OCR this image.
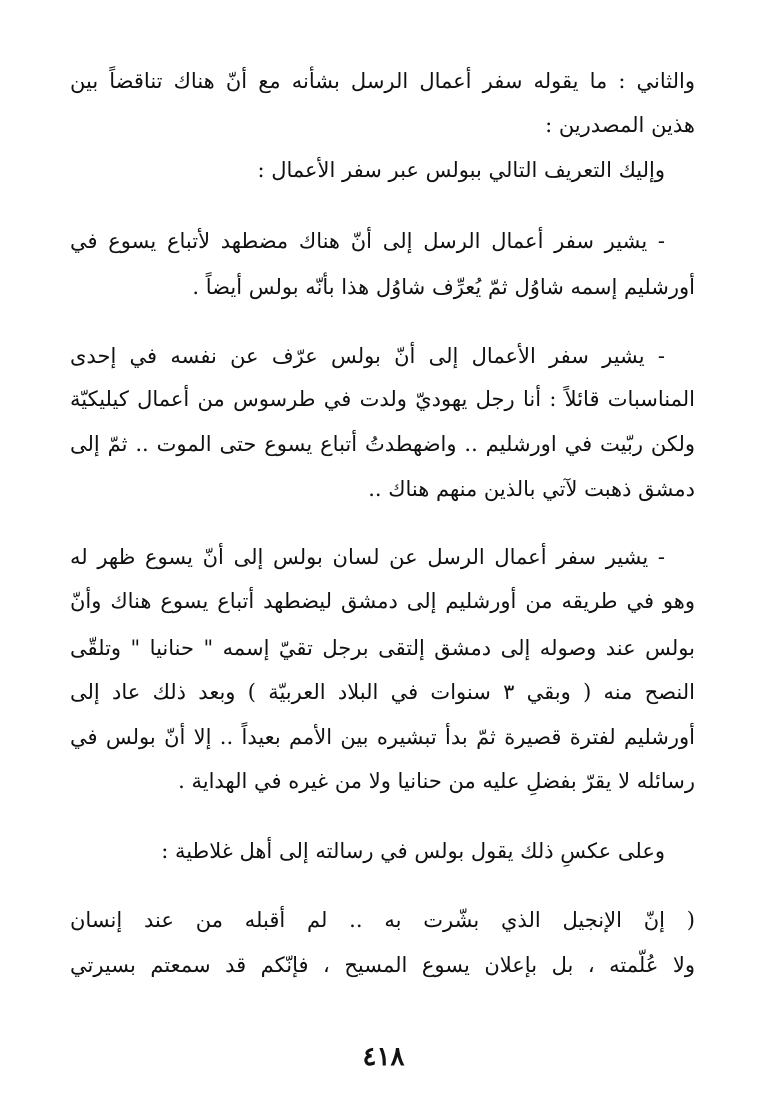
والثاني : ما يقوله سفر أعمال الرسل بشأنه مع أنّ هناك تناقضاً بين
هذين المصدرين :
وإليك التعريف التالي ببولس عبر سفر الأعمال :
- يشير سفر أعمال الرسل إلى أنّ هناك مضطهد لأتباع يسوع في
أورشليم إسمه شاوُل ثمّ يُعرِّف شاوُل هذا بأنّه بولس أيضاً .
- يشير سفر الأعمال إلى أنّ بولس عرّف عن نفسه في إحدى
المناسبات قائلاً : أنا رجل يهوديّ ولدت في طرسوس من أعمال كيليكيّة
ولكن ربّيت في اورشليم .. واضهطدتُ أتباع يسوع حتى الموت .. ثمّ إلى
دمشق ذهبت لآتي بالذين منهم هناك ..
- يشير سفر أعمال الرسل عن لسان بولس إلى أنّ يسوع ظهر له
وهو في طريقه من أورشليم إلى دمشق ليضطهد أتباع يسوع هناك وأنّ
بولس عند وصوله إلى دمشق إلتقى برجل تقيّ إسمه " حنانيا " وتلقّى
النصح منه ( وبقي ٣ سنوات في البلاد العربيّة ) وبعد ذلك عاد إلى
أورشليم لفترة قصيرة ثمّ بدأ تبشيره بين الأمم بعيداً .. إلا أنّ بولس في
رسائله لا يقرّ بفضلِ عليه من حنانيا ولا من غيره في الهداية .
وعلى عكسِ ذلك يقول بولس في رسالته إلى أهل غلاطية :
( إنّ الإنجيل الذي بشّرت به .. لم أقبله من عند إنسان
ولا عُلّمته ، بل بإعلان يسوع المسيح ، فإنّكم قد سمعتم بسيرتي
٤١٨
